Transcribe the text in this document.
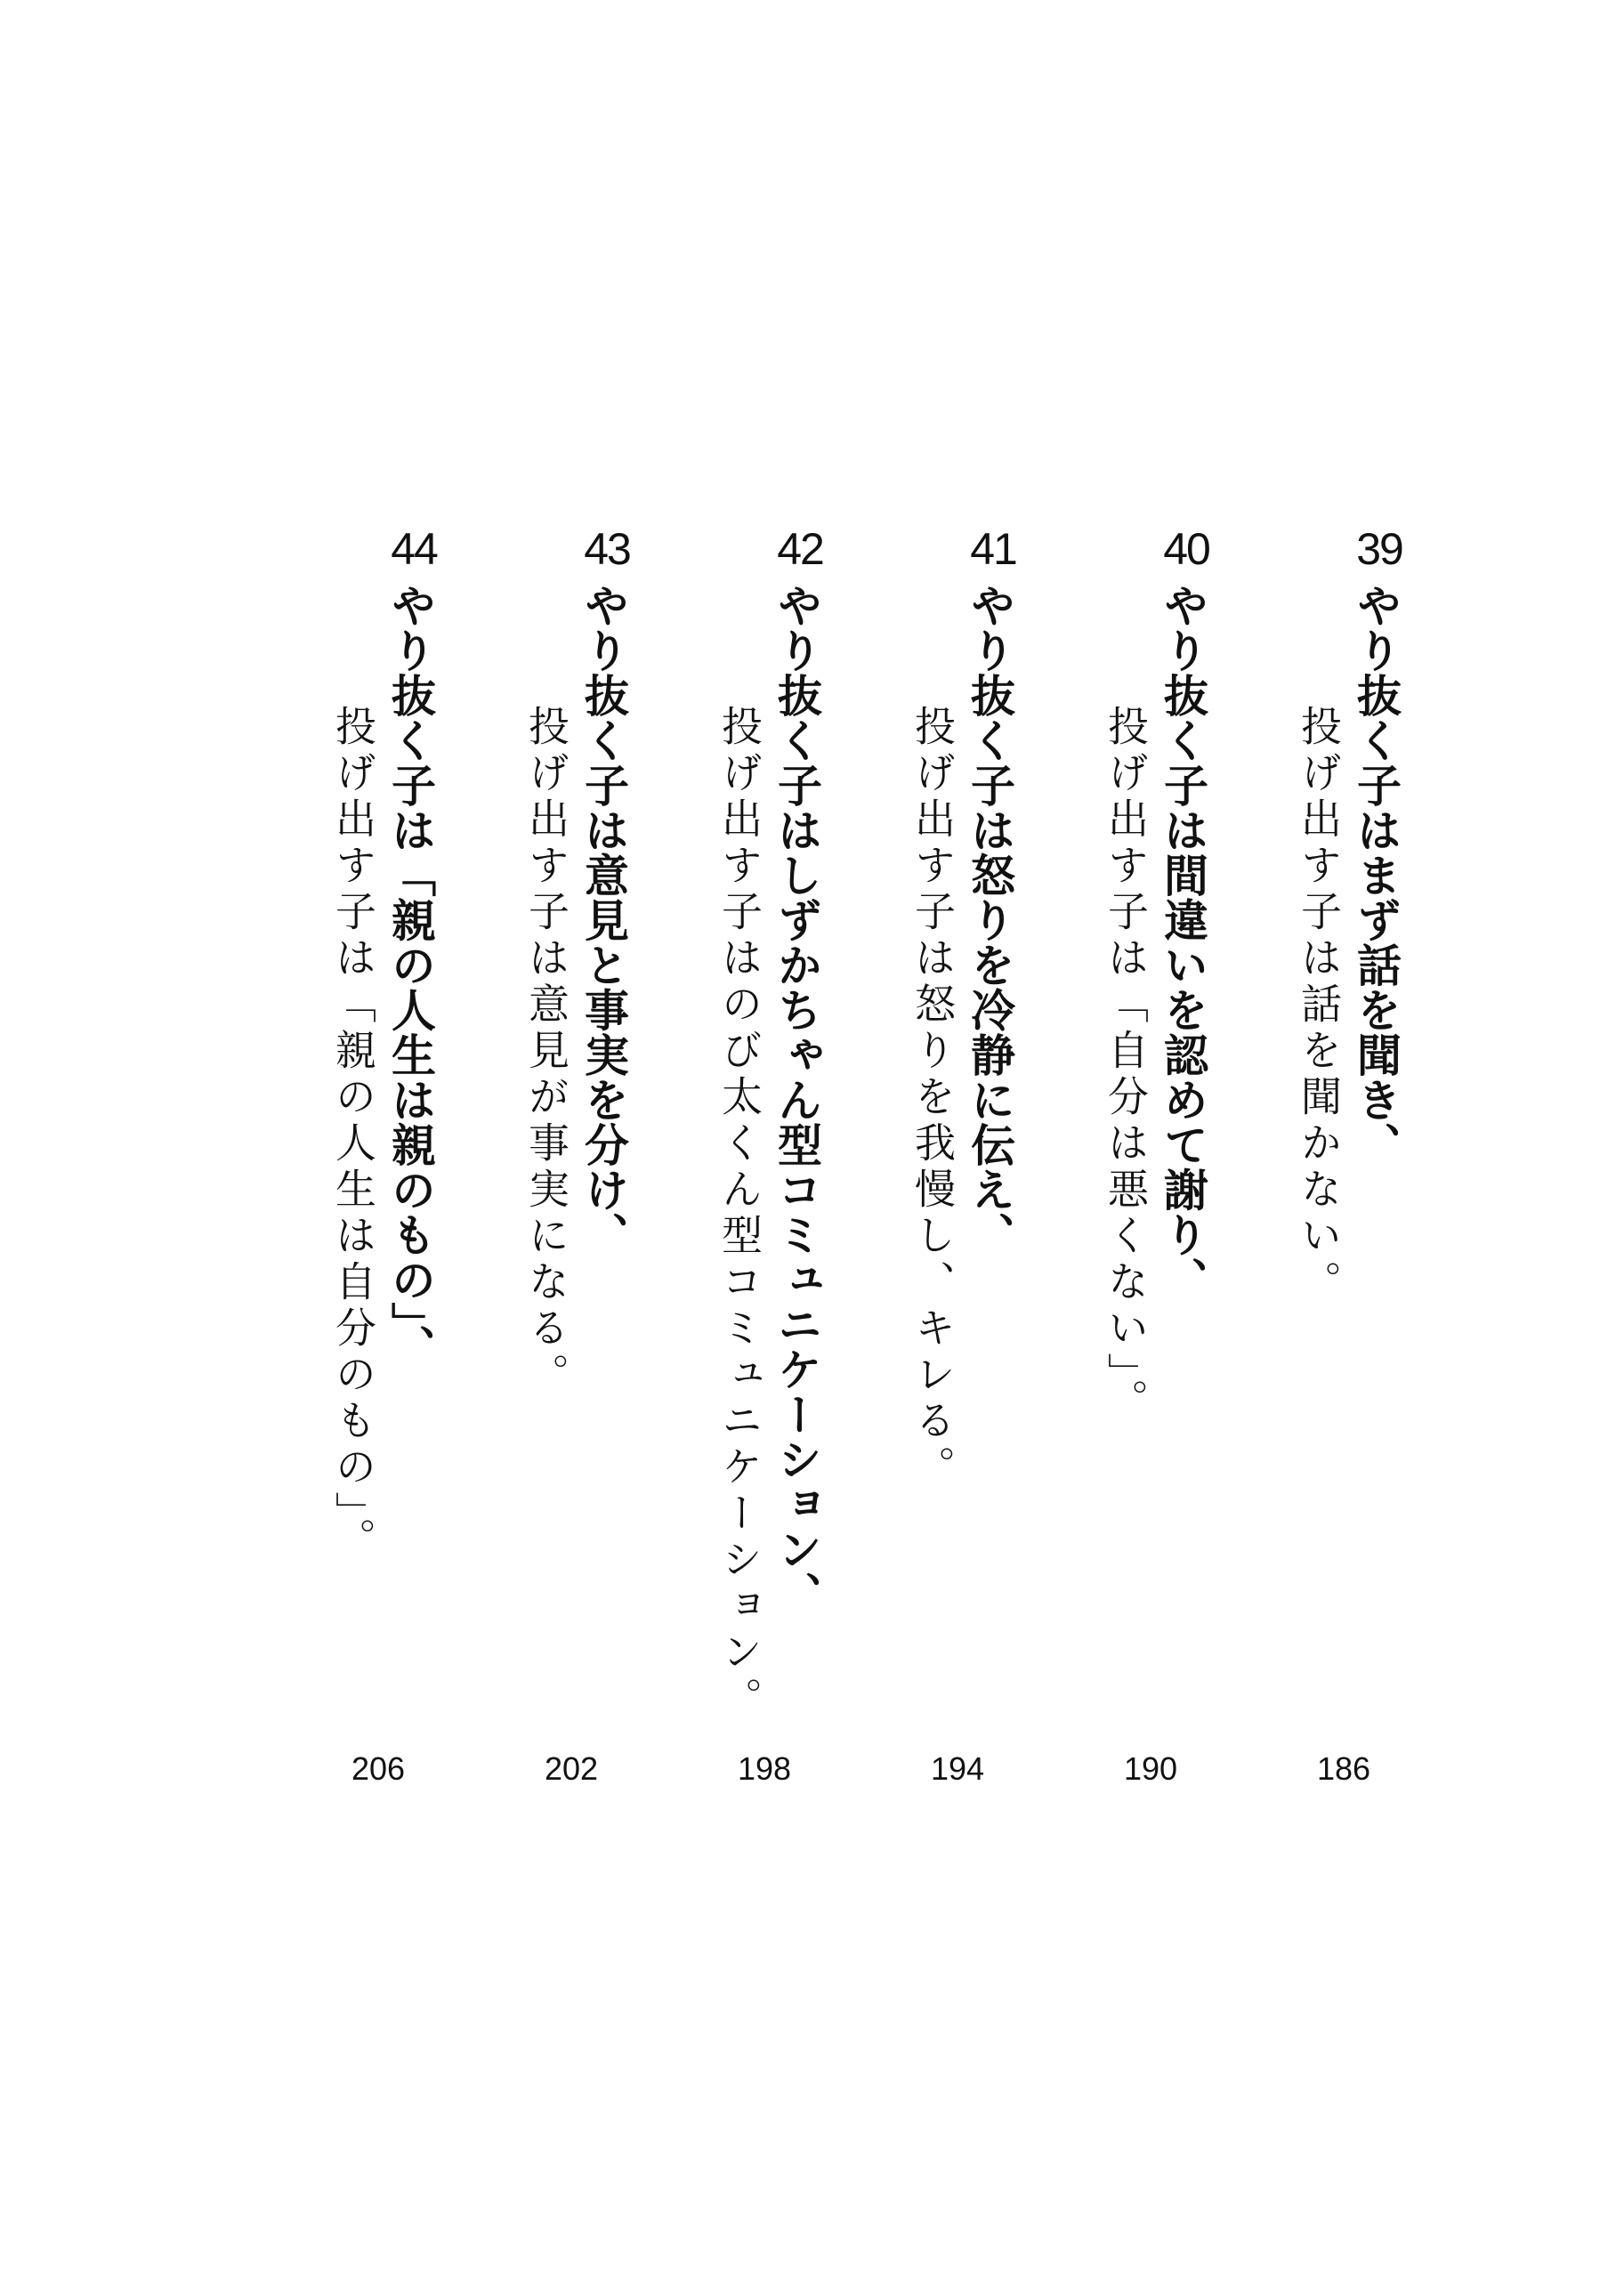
39
やり抜く子はまず話を聞き、
投げ出す子は話を聞かない。
186
40
やり抜く子は間違いを認めて謝り、
投げ出す子は「自分は悪くない」。
190
41
やり抜く子は怒りを冷静に伝え、
投げ出す子は怒りを我慢し、キレる。
194
42
やり抜く子はしずかちゃん型コミュニケーション、
投げ出す子はのび太くん型コミュニケーション。
198
43
やり抜く子は意見と事実を分け、
投げ出す子は意見が事実になる。
202
44
やり抜く子は「親の人生は親のもの」、
投げ出す子は「親の人生は自分のもの」。
206
